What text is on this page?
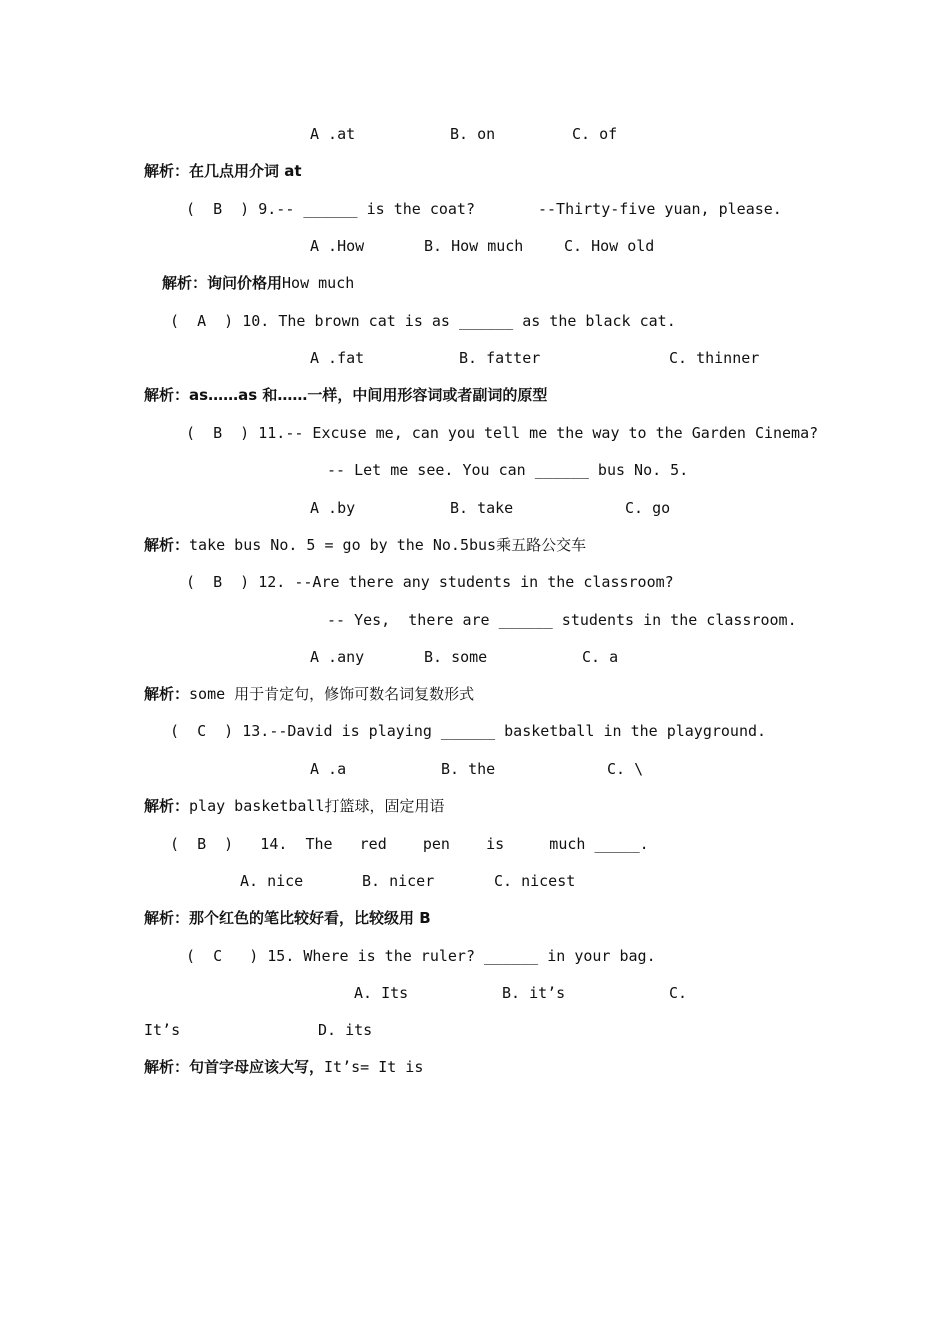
A .at	B. on	C. of
解析：在几点用介词 at
(  B  ) 9.-- ______ is the coat?	--Thirty-five yuan, please.
A .How	B. How much	C. How old
解析：询问价格用How much
(  A  ) 10. The brown cat is as ______ as the black cat.
A .fat	B. fatter	C. thinner
解析：as……as 和……一样，中间用形容词或者副词的原型
(  B  ) 11.-- Excuse me, can you tell me the way to the Garden Cinema?
-- Let me see. You can ______ bus No. 5.
A .by	B. take	C. go
解析：take bus No. 5 = go by the No.5bus乘五路公交车
(  B  ) 12. --Are there any students in the classroom?
-- Yes,  there are ______ students in the classroom.
A .any	B. some	C. a
解析：some 用于肯定句，修饰可数名词复数形式
(  C  ) 13.--David is playing ______ basketball in the playground.
A .a	B. the	C. \
解析：play basketball打篮球，固定用语
(  B  )   14.  The   red    pen    is     much _____.
A. nice	B. nicer	C. nicest
解析：那个红色的笔比较好看，比较级用 B
(  C   ) 15. Where is the ruler? ______ in your bag.
A. Its	B. it’s	C.
It’s	D. its
解析：句首字母应该大写，It’s= It is
